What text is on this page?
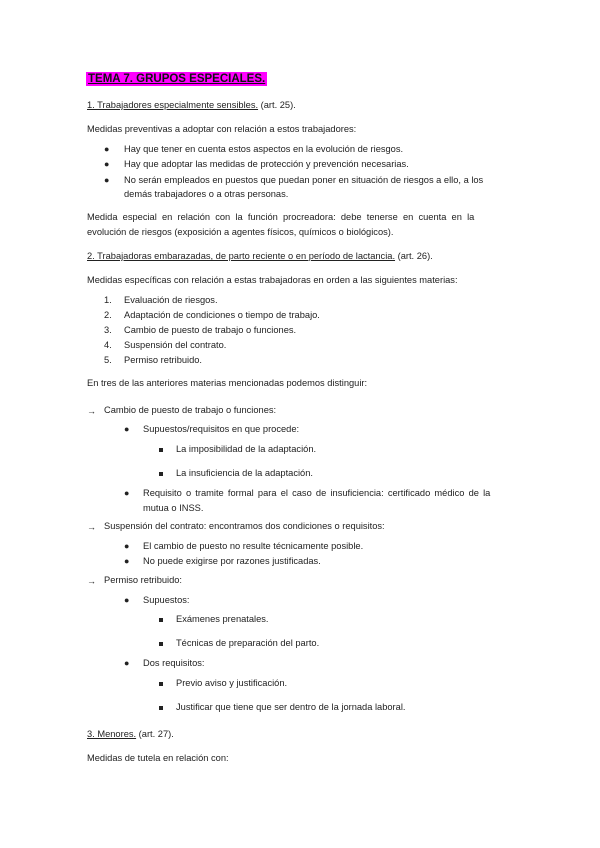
TEMA 7. GRUPOS ESPECIALES.
1. Trabajadores especialmente sensibles. (art. 25).
Medidas preventivas a adoptar con relación a estos trabajadores:
● Hay que tener en cuenta estos aspectos en la evolución de riesgos.
● Hay que adoptar las medidas de protección y prevención necesarias.
● No serán empleados en puestos que puedan poner en situación de riesgos a ello, a los
demás trabajadores o a otras personas.
Medida especial en relación con la función procreadora: debe tenerse en cuenta en la
evolución de riesgos (exposición a agentes físicos, químicos o biológicos).
2. Trabajadoras embarazadas, de parto reciente o en período de lactancia. (art. 26).
Medidas específicas con relación a estas trabajadoras en orden a las siguientes materias:
1. Evaluación de riesgos.
2. Adaptación de condiciones o tiempo de trabajo.
3. Cambio de puesto de trabajo o funciones.
4. Suspensión del contrato.
5. Permiso retribuido.
En tres de las anteriores materias mencionadas podemos distinguir:
→ Cambio de puesto de trabajo o funciones:
● Supuestos/requisitos en que procede:
La imposibilidad de la adaptación.
La insuficiencia de la adaptación.
● Requisito o tramite formal para el caso de insuficiencia: certificado médico de la
mutua o INSS.
→ Suspensión del contrato: encontramos dos condiciones o requisitos:
● El cambio de puesto no resulte técnicamente posible.
● No puede exigirse por razones justificadas.
→ Permiso retribuido:
● Supuestos:
Exámenes prenatales.
Técnicas de preparación del parto.
● Dos requisitos:
Previo aviso y justificación.
Justificar que tiene que ser dentro de la jornada laboral.
3. Menores. (art. 27).
Medidas de tutela en relación con:
